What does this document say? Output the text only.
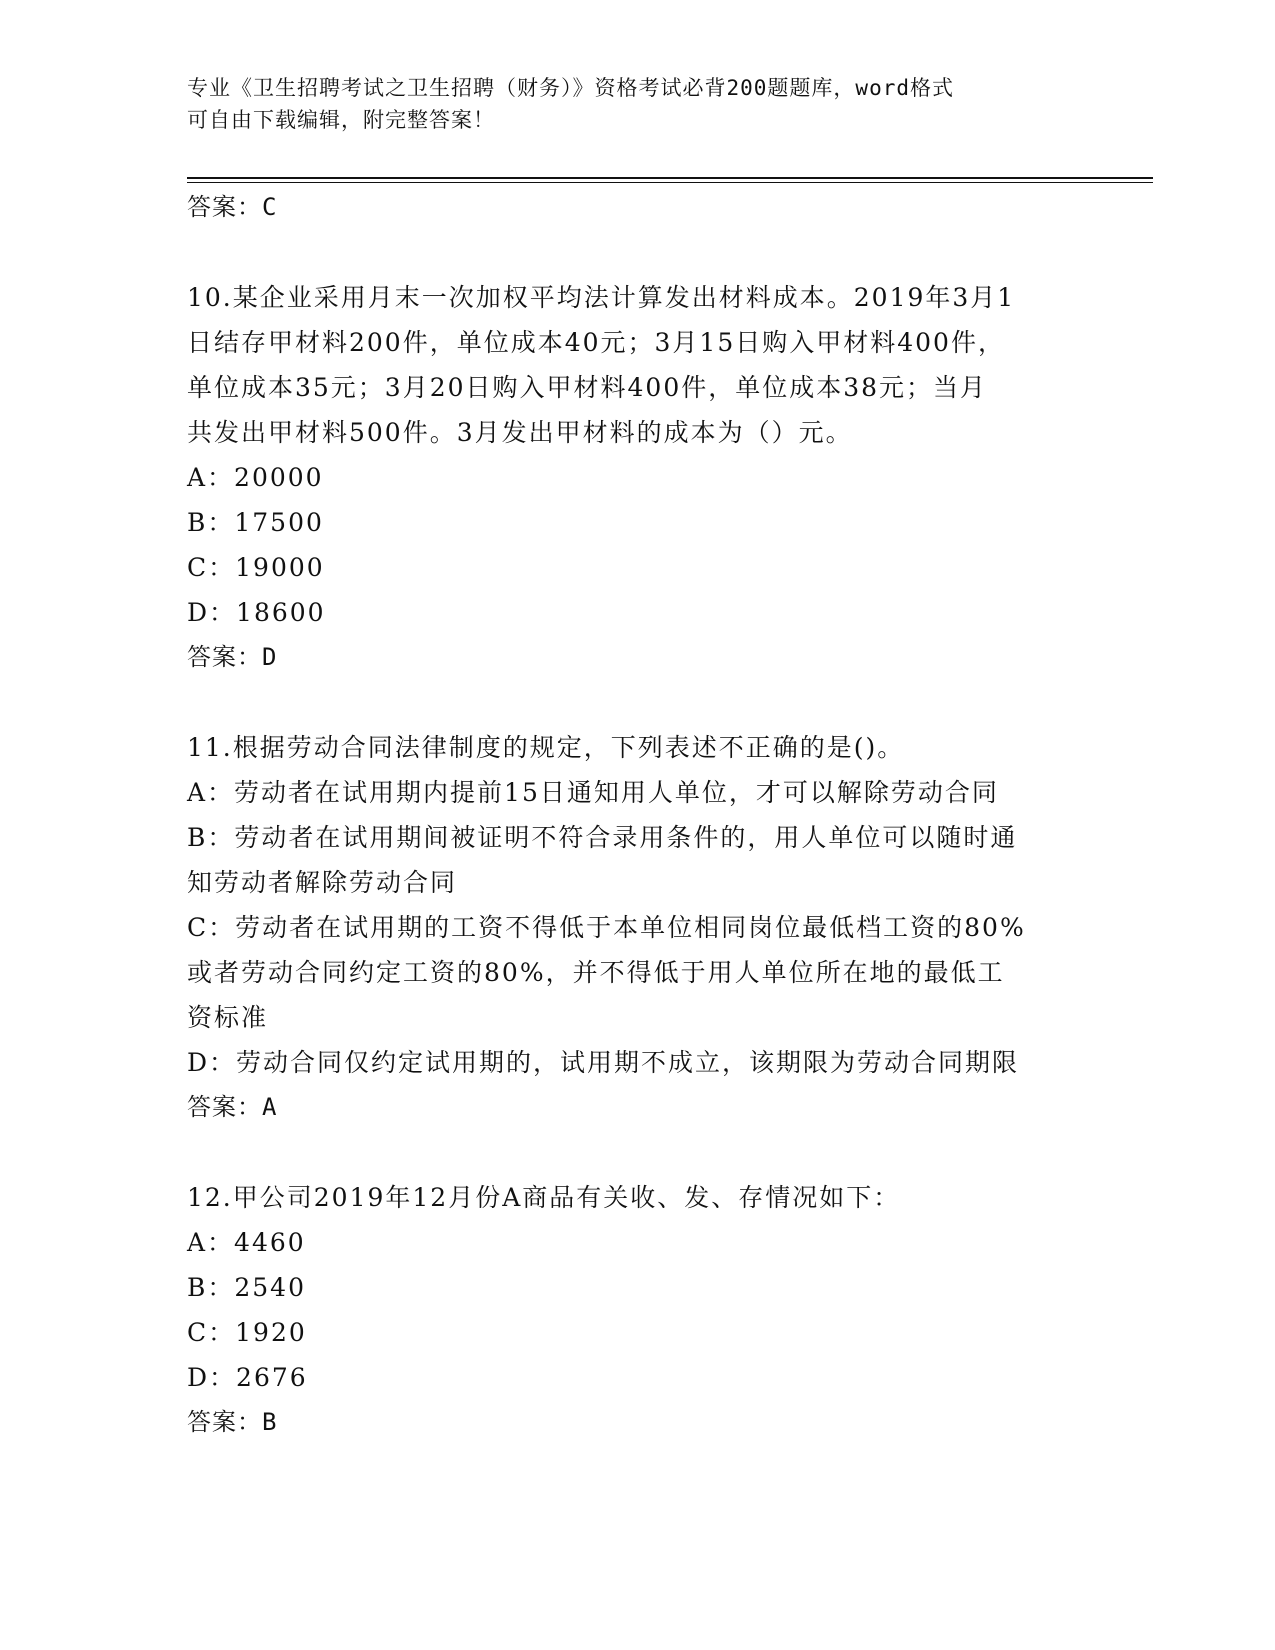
专业《卫生招聘考试之卫生招聘（财务）》资格考试必背200题题库，word格式
可自由下载编辑，附完整答案！
答案：C
10.某企业采用月末一次加权平均法计算发出材料成本。2019年3月1
日结存甲材料200件，单位成本40元；3月15日购入甲材料400件，
单位成本35元；3月20日购入甲材料400件，单位成本38元；当月
共发出甲材料500件。3月发出甲材料的成本为（）元。
A：20000
B：17500
C：19000
D：18600
答案：D
11.根据劳动合同法律制度的规定，下列表述不正确的是()。
A：劳动者在试用期内提前15日通知用人单位，才可以解除劳动合同
B：劳动者在试用期间被证明不符合录用条件的，用人单位可以随时通
知劳动者解除劳动合同
C：劳动者在试用期的工资不得低于本单位相同岗位最低档工资的80%
或者劳动合同约定工资的80%，并不得低于用人单位所在地的最低工
资标准
D：劳动合同仅约定试用期的，试用期不成立，该期限为劳动合同期限
答案：A
12.甲公司2019年12月份A商品有关收、发、存情况如下：
A：4460
B：2540
C：1920
D：2676
答案：B
